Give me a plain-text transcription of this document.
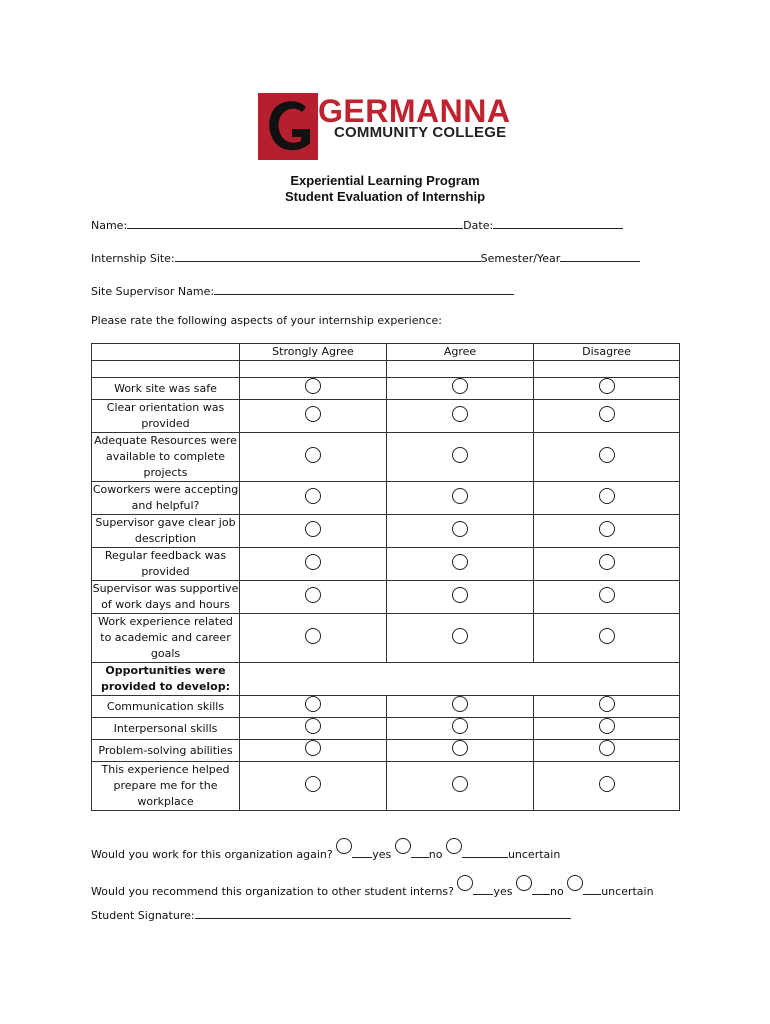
GERMANNA
COMMUNITY COLLEGE
Experiential Learning Program
Student Evaluation of Internship
Name:	Date:
Internship Site:	Semester/Year
Site Supervisor Name:
Please rate the following aspects of your internship experience:
	Strongly Agree	Agree	Disagree

Work site was safe			
Clear orientation was provided			
Adequate Resources were available to complete projects			
Coworkers were accepting and helpful?			
Supervisor gave clear job description			
Regular feedback was provided			
Supervisor was supportive of work days and hours			
Work experience related to academic and career goals			
Opportunities were provided to develop:			
Communication skills			
Interpersonal skills			
Problem-solving abilities			
This experience helped prepare me for the workplace			
Would you work for this organization again?	yes	no	uncertain
Would you recommend this organization to other student interns?	yes	no	uncertain
Student Signature:
